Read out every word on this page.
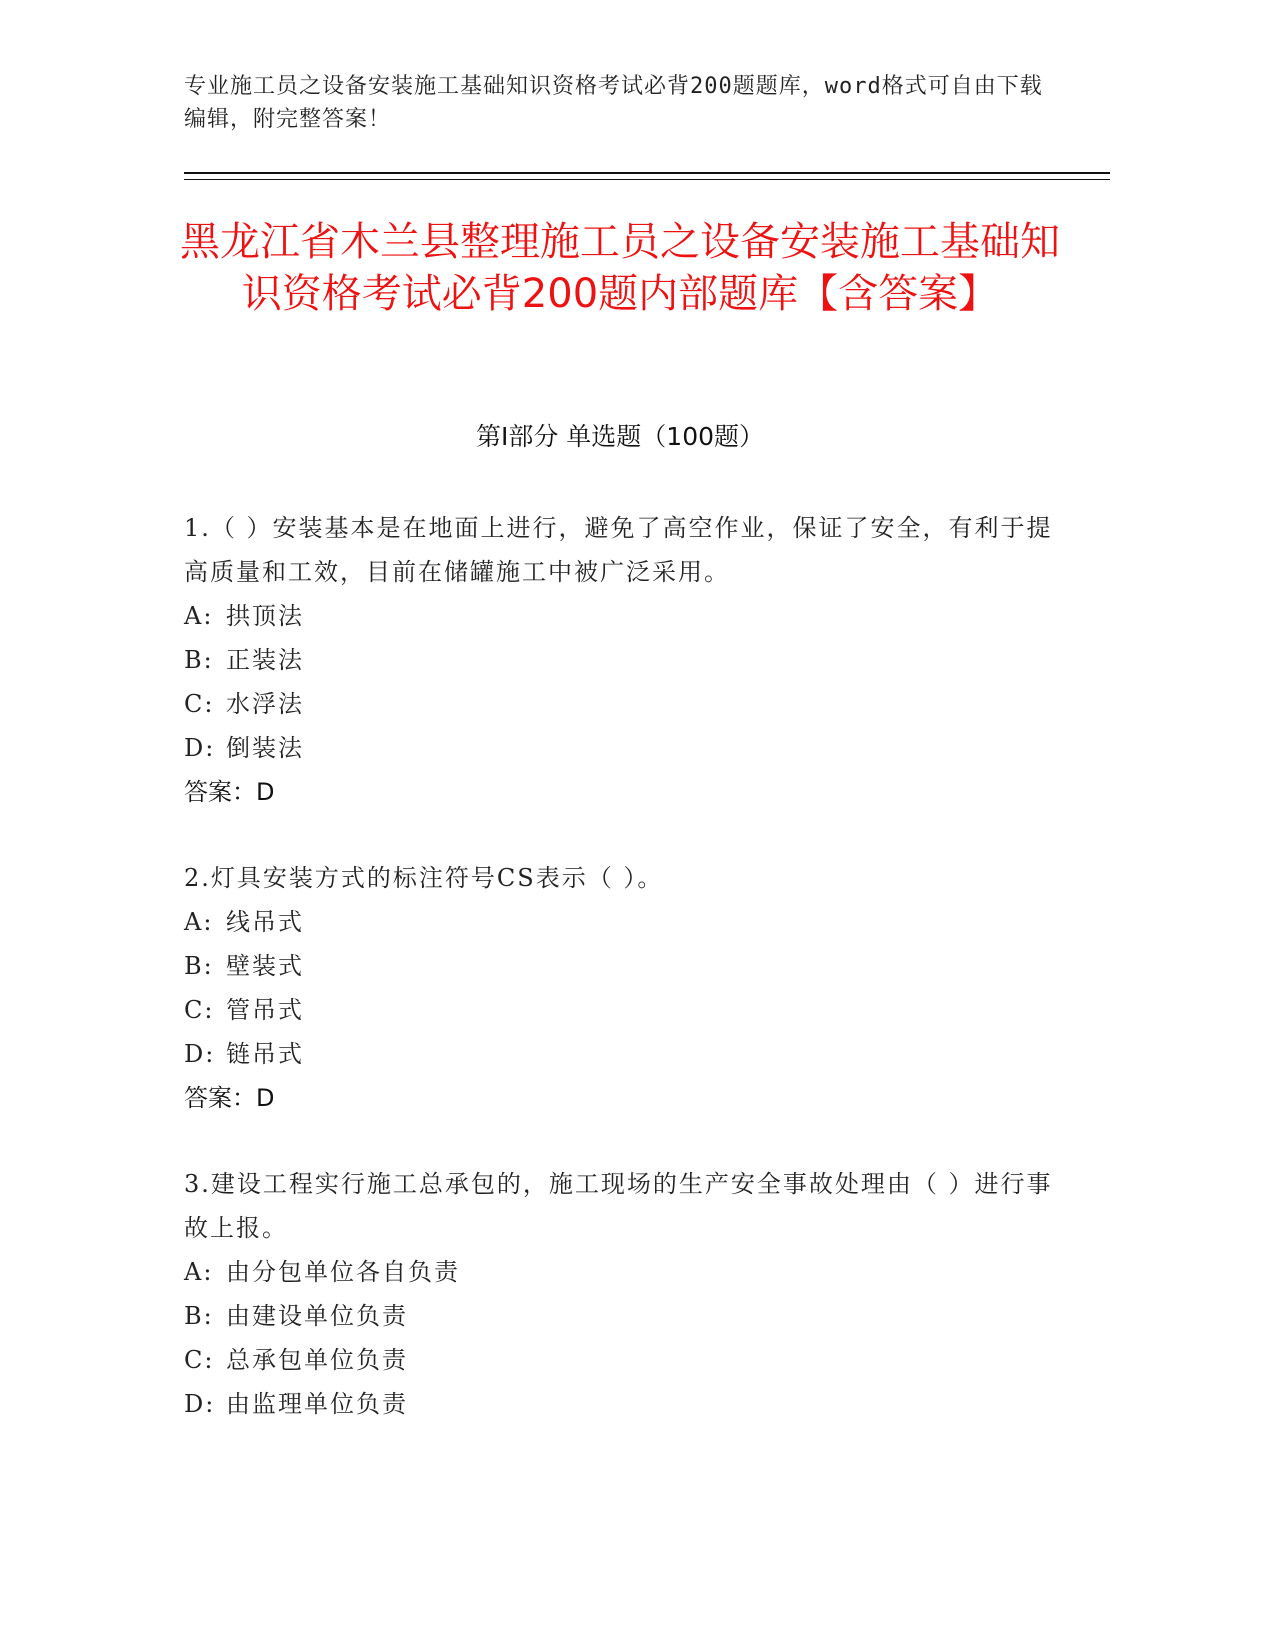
专业施工员之设备安装施工基础知识资格考试必背200题题库，word格式可自由下载编辑，附完整答案！
黑龙江省木兰县整理施工员之设备安装施工基础知识资格考试必背200题内部题库【含答案】
第Ⅰ部分 单选题（100题）

1.（ ）安装基本是在地面上进行，避免了高空作业，保证了安全，有利于提高质量和工效，目前在储罐施工中被广泛采用。

A: 拱顶法

B: 正装法

C: 水浮法

D: 倒装法

答案：D

2.灯具安装方式的标注符号CS表示（ ）。

A: 线吊式

B: 壁装式

C: 管吊式

D: 链吊式

答案：D

3.建设工程实行施工总承包的，施工现场的生产安全事故处理由（ ）进行事故上报。

A: 由分包单位各自负责

B: 由建设单位负责

C: 总承包单位负责

D: 由监理单位负责
